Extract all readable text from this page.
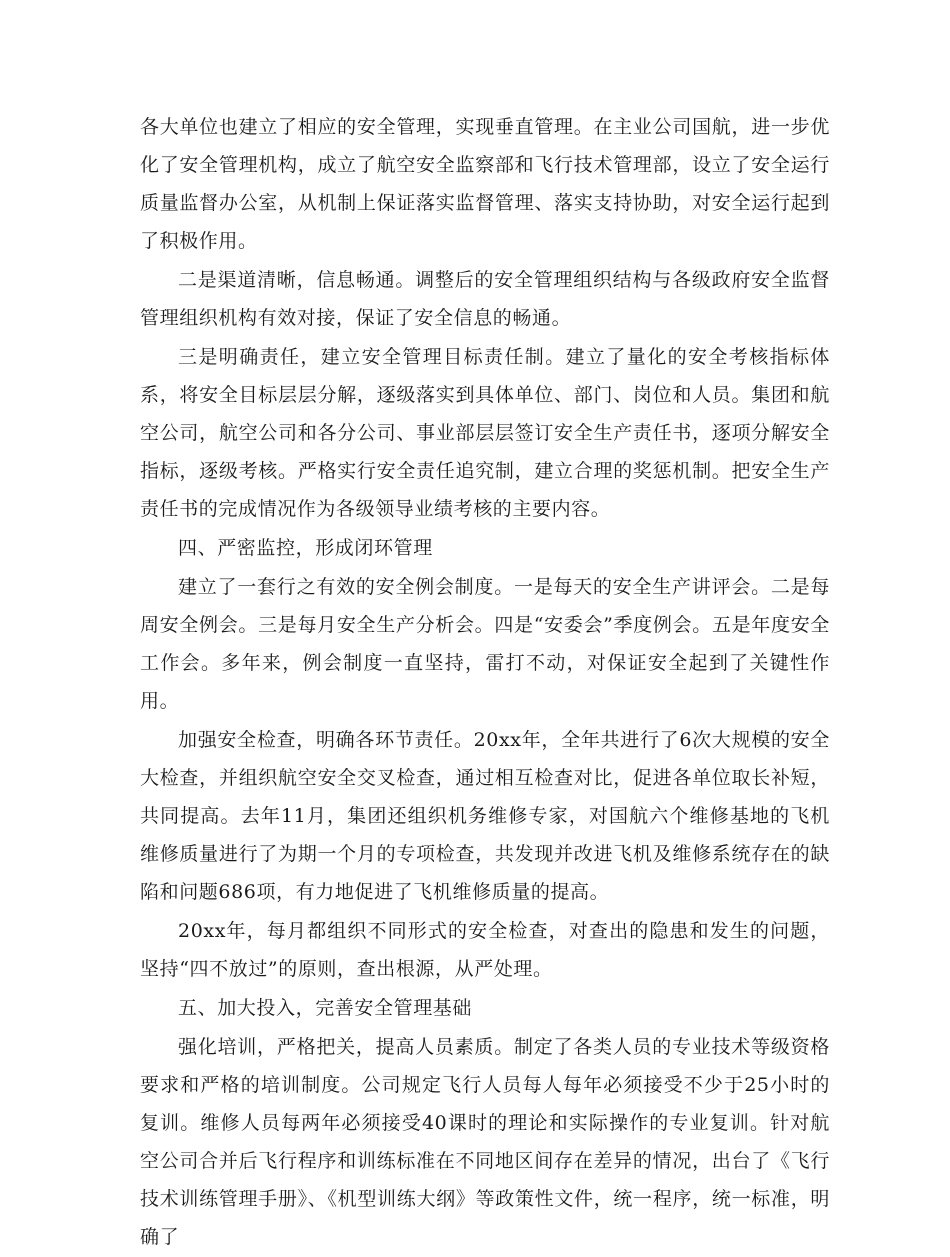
各大单位也建立了相应的安全管理，实现垂直管理。在主业公司国航，进一步优化了安全管理机构，成立了航空安全监察部和飞行技术管理部，设立了安全运行质量监督办公室，从机制上保证落实监督管理、落实支持协助，对安全运行起到了积极作用。

二是渠道清晰，信息畅通。调整后的安全管理组织结构与各级政府安全监督管理组织机构有效对接，保证了安全信息的畅通。

三是明确责任，建立安全管理目标责任制。建立了量化的安全考核指标体系，将安全目标层层分解，逐级落实到具体单位、部门、岗位和人员。集团和航空公司，航空公司和各分公司、事业部层层签订安全生产责任书，逐项分解安全指标，逐级考核。严格实行安全责任追究制，建立合理的奖惩机制。把安全生产责任书的完成情况作为各级领导业绩考核的主要内容。

四、严密监控，形成闭环管理

建立了一套行之有效的安全例会制度。一是每天的安全生产讲评会。二是每周安全例会。三是每月安全生产分析会。四是“安委会”季度例会。五是年度安全工作会。多年来，例会制度一直坚持，雷打不动，对保证安全起到了关键性作用。

加强安全检查，明确各环节责任。20xx年，全年共进行了6次大规模的安全大检查，并组织航空安全交叉检查，通过相互检查对比，促进各单位取长补短，共同提高。去年11月，集团还组织机务维修专家，对国航六个维修基地的飞机维修质量进行了为期一个月的专项检查，共发现并改进飞机及维修系统存在的缺陷和问题686项，有力地促进了飞机维修质量的提高。

20xx年，每月都组织不同形式的安全检查，对查出的隐患和发生的问题，坚持“四不放过”的原则，查出根源，从严处理。

五、加大投入，完善安全管理基础

强化培训，严格把关，提高人员素质。制定了各类人员的专业技术等级资格要求和严格的培训制度。公司规定飞行人员每人每年必须接受不少于25小时的复训。维修人员每两年必须接受40课时的理论和实际操作的专业复训。针对航空公司合并后飞行程序和训练标准在不同地区间存在差异的情况，出台了《飞行技术训练管理手册》、《机型训练大纲》等政策性文件，统一程序，统一标准，明确了
